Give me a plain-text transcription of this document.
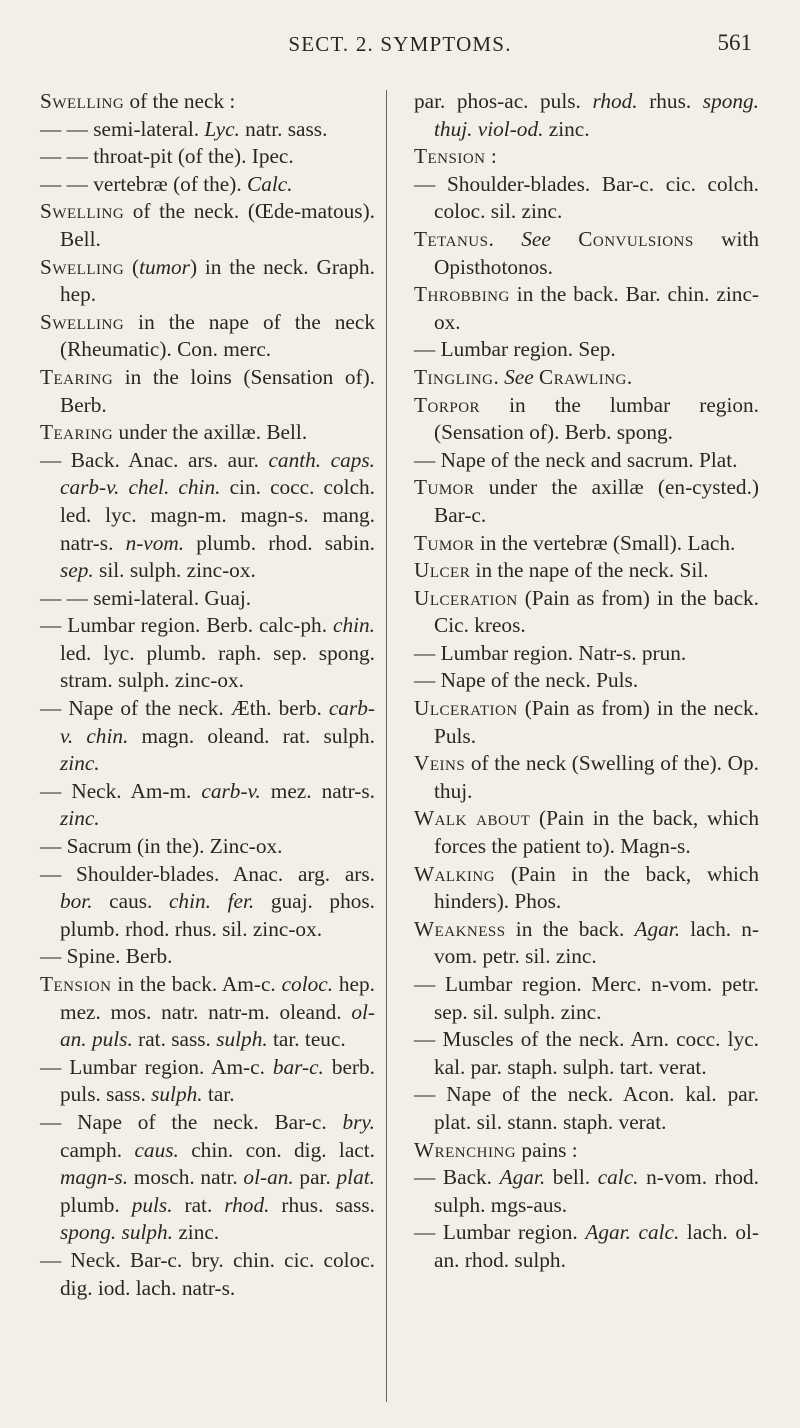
SECT. 2. SYMPTOMS.	561

Swelling of the neck :

— — semi-lateral. Lyc. natr. sass.

— — throat-pit (of the). Ipec.

— — vertebræ (of the). Calc.

Swelling of the neck. (Œde-matous). Bell.

Swelling (tumor) in the neck. Graph. hep.

Swelling in the nape of the neck (Rheumatic). Con. merc.

Tearing in the loins (Sensation of). Berb.

Tearing under the axillæ. Bell.

— Back. Anac. ars. aur. canth. caps. carb-v. chel. chin. cin. cocc. colch. led. lyc. magn-m. magn-s. mang. natr-s. n-vom. plumb. rhod. sabin. sep. sil. sulph. zinc-ox.

— — semi-lateral. Guaj.

— Lumbar region. Berb. calc-ph. chin. led. lyc. plumb. raph. sep. spong. stram. sulph. zinc-ox.

— Nape of the neck. Æth. berb. carb-v. chin. magn. oleand. rat. sulph. zinc.

— Neck. Am-m. carb-v. mez. natr-s. zinc.

— Sacrum (in the). Zinc-ox.

— Shoulder-blades. Anac. arg. ars. bor. caus. chin. fer. guaj. phos. plumb. rhod. rhus. sil. zinc-ox.

— Spine. Berb.

Tension in the back. Am-c. coloc. hep. mez. mos. natr. natr-m. oleand. ol-an. puls. rat. sass. sulph. tar. teuc.

— Lumbar region. Am-c. bar-c. berb. puls. sass. sulph. tar.

— Nape of the neck. Bar-c. bry. camph. caus. chin. con. dig. lact. magn-s. mosch. natr. ol-an. par. plat. plumb. puls. rat. rhod. rhus. sass. spong. sulph. zinc.

— Neck. Bar-c. bry. chin. cic. coloc. dig. iod. lach. natr-s.

par. phos-ac. puls. rhod. rhus. spong. thuj. viol-od. zinc.

Tension :

— Shoulder-blades. Bar-c. cic. colch. coloc. sil. zinc.

Tetanus. See Convulsions with Opisthotonos.

Throbbing in the back. Bar. chin. zinc-ox.

— Lumbar region. Sep.

Tingling. See Crawling.

Torpor in the lumbar region. (Sensation of). Berb. spong.

— Nape of the neck and sacrum. Plat.

Tumor under the axillæ (en-cysted.) Bar-c.

Tumor in the vertebræ (Small). Lach.

Ulcer in the nape of the neck. Sil.

Ulceration (Pain as from) in the back. Cic. kreos.

— Lumbar region. Natr-s. prun.

— Nape of the neck. Puls.

Ulceration (Pain as from) in the neck. Puls.

Veins of the neck (Swelling of the). Op. thuj.

Walk about (Pain in the back, which forces the patient to). Magn-s.

Walking (Pain in the back, which hinders). Phos.

Weakness in the back. Agar. lach. n-vom. petr. sil. zinc.

— Lumbar region. Merc. n-vom. petr. sep. sil. sulph. zinc.

— Muscles of the neck. Arn. cocc. lyc. kal. par. staph. sulph. tart. verat.

— Nape of the neck. Acon. kal. par. plat. sil. stann. staph. verat.

Wrenching pains :

— Back. Agar. bell. calc. n-vom. rhod. sulph. mgs-aus.

— Lumbar region. Agar. calc. lach. ol-an. rhod. sulph.
